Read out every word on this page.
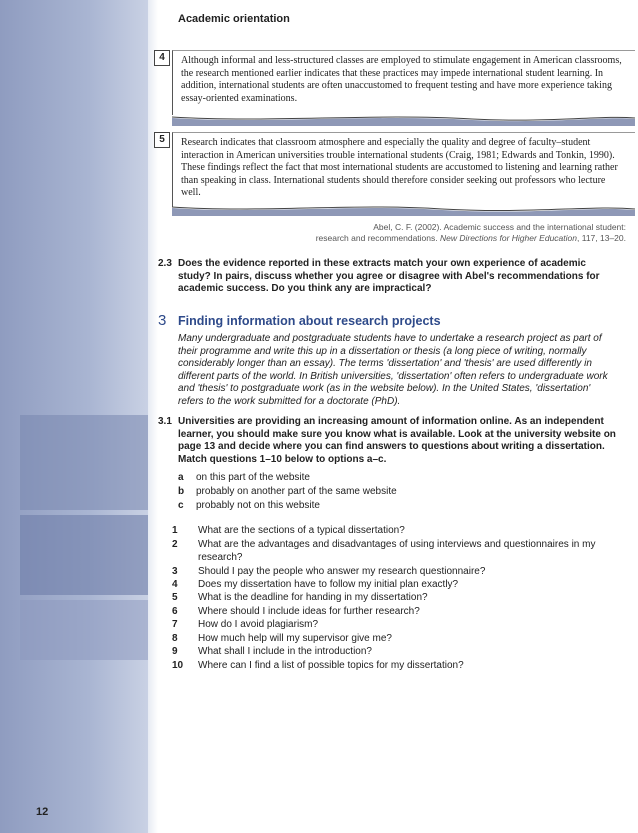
Academic orientation
4	Although informal and less-structured classes are employed to stimulate engagement in American classrooms, the research mentioned earlier indicates that these practices may impede international student learning. In addition, international students are often unaccustomed to frequent testing and have more experience taking essay-oriented examinations.
5	Research indicates that classroom atmosphere and especially the quality and degree of faculty–student interaction in American universities trouble international students (Craig, 1981; Edwards and Tonkin, 1990). These findings reflect the fact that most international students are accustomed to listening and learning rather than speaking in class. International students should therefore consider seeking out professors who lecture well.
Abel, C. F. (2002). Academic success and the international student:
research and recommendations. New Directions for Higher Education, 117, 13–20.
2.3 Does the evidence reported in these extracts match your own experience of academic study? In pairs, discuss whether you agree or disagree with Abel's recommendations for academic success. Do you think any are impractical?
3 Finding information about research projects
Many undergraduate and postgraduate students have to undertake a research project as part of their programme and write this up in a dissertation or thesis (a long piece of writing, normally considerably longer than an essay). The terms 'dissertation' and 'thesis' are used differently in different parts of the world. In British universities, 'dissertation' often refers to undergraduate work and 'thesis' to postgraduate work (as in the website below). In the United States, 'dissertation' refers to the work submitted for a doctorate (PhD).
3.1 Universities are providing an increasing amount of information online. As an independent learner, you should make sure you know what is available. Look at the university website on page 13 and decide where you can find answers to questions about writing a dissertation. Match questions 1–10 below to options a–c.
a on this part of the website
b probably on another part of the same website
c probably not on this website
1 What are the sections of a typical dissertation?
2 What are the advantages and disadvantages of using interviews and questionnaires in my research?
3 Should I pay the people who answer my research questionnaire?
4 Does my dissertation have to follow my initial plan exactly?
5 What is the deadline for handing in my dissertation?
6 Where should I include ideas for further research?
7 How do I avoid plagiarism?
8 How much help will my supervisor give me?
9 What shall I include in the introduction?
10 Where can I find a list of possible topics for my dissertation?
12
